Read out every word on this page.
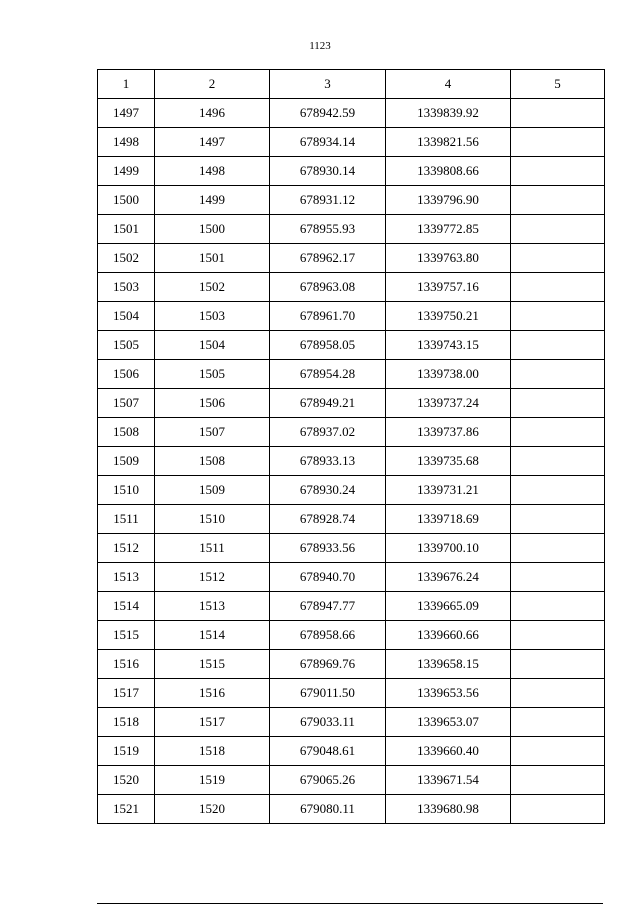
1123
1	2	3	4	5
1497	1496	678942.59	1339839.92	
1498	1497	678934.14	1339821.56	
1499	1498	678930.14	1339808.66	
1500	1499	678931.12	1339796.90	
1501	1500	678955.93	1339772.85	
1502	1501	678962.17	1339763.80	
1503	1502	678963.08	1339757.16	
1504	1503	678961.70	1339750.21	
1505	1504	678958.05	1339743.15	
1506	1505	678954.28	1339738.00	
1507	1506	678949.21	1339737.24	
1508	1507	678937.02	1339737.86	
1509	1508	678933.13	1339735.68	
1510	1509	678930.24	1339731.21	
1511	1510	678928.74	1339718.69	
1512	1511	678933.56	1339700.10	
1513	1512	678940.70	1339676.24	
1514	1513	678947.77	1339665.09	
1515	1514	678958.66	1339660.66	
1516	1515	678969.76	1339658.15	
1517	1516	679011.50	1339653.56	
1518	1517	679033.11	1339653.07	
1519	1518	679048.61	1339660.40	
1520	1519	679065.26	1339671.54	
1521	1520	679080.11	1339680.98	
